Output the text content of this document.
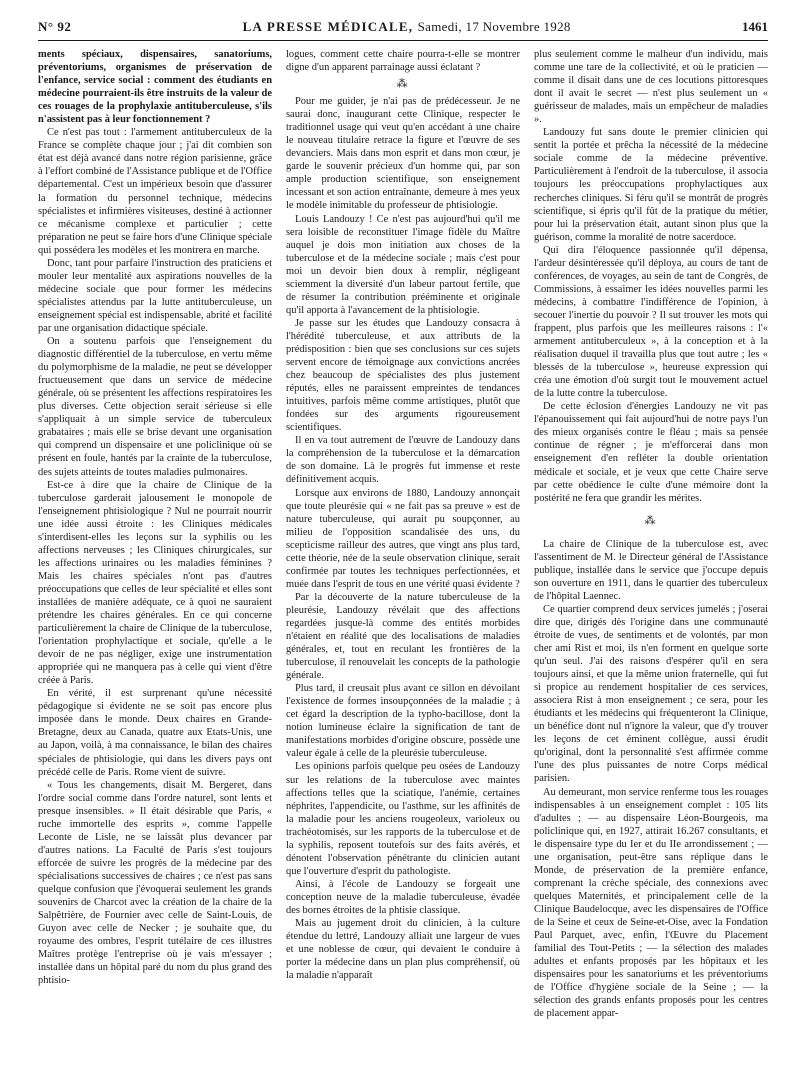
N° 92	LA PRESSE MÉDICALE, Samedi, 17 Novembre 1928	1461

ments spéciaux, dispensaires, sanatoriums, préventoriums, organismes de préservation de l'enfance, service social : comment des étudiants en médecine pourraient-ils être instruits de la valeur de ces rouages de la prophylaxie antituberculeuse, s'ils n'assistent pas à leur fonctionnement ?

Ce n'est pas tout : l'armement antituberculeux de la France se complète chaque jour ; j'ai dit combien son état est déjà avancé dans notre région parisienne, grâce à l'effort combiné de l'Assistance publique et de l'Office départemental. C'est un impérieux besoin que d'assurer la formation du personnel technique, médecins spécialistes et infirmières visiteuses, destiné à actionner ce mécanisme complexe et particulier ; cette préparation ne peut se faire hors d'une Clinique spéciale qui possédera les modèles et les montrera en marche.

Donc, tant pour parfaire l'instruction des praticiens et mouler leur mentalité aux aspirations nouvelles de la médecine sociale que pour former les médecins spécialistes attendus par la lutte antituberculeuse, un enseignement spécial est indispensable, abrité et facilité par une organisation didactique spéciale.

On a soutenu parfois que l'enseignement du diagnostic différentiel de la tuberculose, en vertu même du polymorphisme de la maladie, ne peut se développer fructueusement que dans un service de médecine générale, où se présentent les affections respiratoires les plus diverses. Cette objection serait sérieuse si elle s'appliquait à un simple service de tuberculeux grabataires ; mais elle se brise devant une organisation qui comprend un dispensaire et une policlinique où se présent en foule, hantés par la crainte de la tuberculose, des sujets atteints de toutes maladies pulmonaires.

Est-ce à dire que la chaire de Clinique de la tuberculose garderait jalousement le monopole de l'enseignement phtisiologique ? Nul ne pourrait nourrir une idée aussi étroite : les Cliniques médicales s'interdisent-elles les leçons sur la syphilis ou les affections nerveuses ; les Cliniques chirurgicales, sur les affections urinaires ou les maladies féminines ? Mais les chaires spéciales n'ont pas d'autres préoccupations que celles de leur spécialité et elles sont installées de manière adéquate, ce à quoi ne sauraient prétendre les chaires générales. En ce qui concerne particulièrement la chaire de Clinique de la tuberculose, l'orientation prophylactique et sociale, qu'elle a le devoir de ne pas négliger, exige une instrumentation appropriée qui ne manquera pas à celle qui vient d'être créée à Paris.

En vérité, il est surprenant qu'une nécessité pédagogique si évidente ne se soit pas encore plus imposée dans le monde. Deux chaires en Grande-Bretagne, deux au Canada, quatre aux Etats-Unis, une au Japon, voilà, à ma connaissance, le bilan des chaires spéciales de phtisiologie, qui dans les divers pays ont précédé celle de Paris. Rome vient de suivre.

« Tous les changements, disait M. Bergeret, dans l'ordre social comme dans l'ordre naturel, sont lents et presque insensibles. » Il était désirable que Paris, « ruche immortelle des esprits », comme l'appelle Leconte de Lisle, ne se laissât plus devancer par d'autres nations. La Faculté de Paris s'est toujours efforcée de suivre les progrès de la médecine par des spécialisations successives de chaires ; ce n'est pas sans quelque confusion que j'évoquerai seulement les grands souvenirs de Charcot avec la création de la chaire de la Salpêtrière, de Fournier avec celle de Saint-Louis, de Guyon avec celle de Necker ; je souhaite que, du royaume des ombres, l'esprit tutélaire de ces illustres Maîtres protège l'entreprise où je vais m'essayer ; installée dans un hôpital paré du nom du plus grand des phtisio-

logues, comment cette chaire pourra-t-elle se montrer digne d'un apparent parrainage aussi éclatant ?

⁂

Pour me guider, je n'ai pas de prédécesseur. Je ne saurai donc, inaugurant cette Clinique, respecter le traditionnel usage qui veut qu'en accédant à une chaire le nouveau titulaire retrace la figure et l'œuvre de ses devanciers. Mais dans mon esprit et dans mon cœur, je garde le souvenir précieux d'un homme qui, par son ample production scientifique, son enseignement incessant et son action entraînante, demeure à mes yeux le modèle inimitable du professeur de phtisiologie.

Louis Landouzy ! Ce n'est pas aujourd'hui qu'il me sera loisible de reconstituer l'image fidèle du Maître auquel je dois mon initiation aux choses de la tuberculose et de la médecine sociale ; mais c'est pour moi un devoir bien doux à remplir, négligeant sciemment la diversité d'un labeur partout fertile, que de résumer la contribution prééminente et originale qu'il apporta à l'avancement de la phtisiologie.

Je passe sur les études que Landouzy consacra à l'hérédité tuberculeuse, et aux attributs de la prédisposition : bien que ses conclusions sur ces sujets servent encore de témoignage aux convictions ancrées chez beaucoup de spécialistes des plus justement réputés, elles ne paraissent empreintes de tendances intuitives, parfois même comme artistiques, plutôt que fondées sur des arguments rigoureusement scientifiques.

Il en va tout autrement de l'œuvre de Landouzy dans la compréhension de la tuberculose et la démarcation de son domaine. Là le progrès fut immense et reste définitivement acquis.

Lorsque aux environs de 1880, Landouzy annonçait que toute pleurésie qui « ne fait pas sa preuve » est de nature tuberculeuse, qui aurait pu soupçonner, au milieu de l'opposition scandalisée des uns, du scepticisme railleur des autres, que vingt ans plus tard, cette théorie, née de la seule observation clinique, serait confirmée par toutes les techniques perfectionnées, et muée dans l'esprit de tous en une vérité quasi évidente ?

Par la découverte de la nature tuberculeuse de la pleurésie, Landouzy révélait que des affections regardées jusque-là comme des entités morbides n'étaient en réalité que des localisations de maladies générales, et, tout en reculant les frontières de la tuberculose, il renouvelait les concepts de la pathologie générale.

Plus tard, il creusait plus avant ce sillon en dévoilant l'existence de formes insoupçonnées de la maladie ; à cet égard la description de la typho-bacillose, dont la notion lumineuse éclaire la signification de tant de manifestations morbides d'origine obscure, possède une valeur égale à celle de la pleurésie tuberculeuse.

Les opinions parfois quelque peu osées de Landouzy sur les relations de la tuberculose avec maintes affections telles que la sciatique, l'anémie, certaines néphrites, l'appendicite, ou l'asthme, sur les affinités de la maladie pour les anciens rougeoleux, varioleux ou trachéotomisés, sur les rapports de la tuberculose et de la syphilis, reposent toutefois sur des faits avérés, et dénotent l'observation pénétrante du clinicien autant que l'ouverture d'esprit du pathologiste.

Ainsi, à l'école de Landouzy se forgeait une conception neuve de la maladie tuberculeuse, évadée des bornes étroites de la phtisie classique.

Mais au jugement droit du clinicien, à la culture étendue du lettré, Landouzy alliait une largeur de vues et une noblesse de cœur, qui devaient le conduire à porter la médecine dans un plan plus compréhensif, où la maladie n'apparaît

plus seulement comme le malheur d'un individu, mais comme une tare de la collectivité, et où le praticien — comme il disait dans une de ces locutions pittoresques dont il avait le secret — n'est plus seulement un « guérisseur de malades, mais un empêcheur de maladies ».

Landouzy fut sans doute le premier clinicien qui sentit la portée et prêcha la nécessité de la médecine sociale comme de la médecine préventive. Particulièrement à l'endroit de la tuberculose, il associa toujours les préoccupations prophylactiques aux recherches cliniques. Si féru qu'il se montrât de progrès scientifique, si épris qu'il fût de la pratique du métier, pour lui la préservation était, autant sinon plus que la guérison, comme la moralité de notre sacerdoce.

Qui dira l'éloquence passionnée qu'il dépensa, l'ardeur désintéressée qu'il déploya, au cours de tant de conférences, de voyages, au sein de tant de Congrès, de Commissions, à essaimer les idées nouvelles parmi les médecins, à combattre l'indifférence de l'opinion, à secouer l'inertie du pouvoir ? Il sut trouver les mots qui frappent, plus parfois que les meilleures raisons : l'« armement antituberculeux », à la conception et à la réalisation duquel il travailla plus que tout autre ; les « blessés de la tuberculose », heureuse expression qui créa une émotion d'où surgit tout le mouvement actuel de la lutte contre la tuberculose.

De cette éclosion d'énergies Landouzy ne vit pas l'épanouissement qui fait aujourd'hui de notre pays l'un des mieux organisés contre le fléau ; mais sa pensée continue de régner ; je m'efforcerai dans mon enseignement d'en refléter la double orientation médicale et sociale, et je veux que cette Chaire serve par cette obédience le culte d'une mémoire dont la postérité ne fera que grandir les mérites.

⁂

La chaire de Clinique de la tuberculose est, avec l'assentiment de M. le Directeur général de l'Assistance publique, installée dans le service que j'occupe depuis son ouverture en 1911, dans le quartier des tuberculeux de l'hôpital Laennec.

Ce quartier comprend deux services jumelés ; j'oserai dire que, dirigés dès l'origine dans une communauté étroite de vues, de sentiments et de volontés, par mon cher ami Rist et moi, ils n'en forment en quelque sorte qu'un seul. J'ai des raisons d'espérer qu'il en sera toujours ainsi, et que la même union fraternelle, qui fut si propice au rendement hospitalier de ces services, associera Rist à mon enseignement ; ce sera, pour les étudiants et les médecins qui fréquenteront la Clinique, un bénéfice dont nul n'ignore la valeur, que d'y trouver les leçons de cet éminent collègue, aussi érudit qu'original, dont la personnalité s'est affirmée comme l'une des plus puissantes de notre Corps médical parisien.

Au demeurant, mon service renferme tous les rouages indispensables à un enseignement complet : 105 lits d'adultes ; — au dispensaire Léon-Bourgeois, ma policlinique qui, en 1927, attirait 16.267 consultants, et le dispensaire type du Ier et du IIe arrondissement ; — une organisation, peut-être sans réplique dans le Monde, de préservation de la première enfance, comprenant la crèche spéciale, des connexions avec quelques Maternités, et principalement celle de la Clinique Baudelocque, avec les dispensaires de l'Office de la Seine et ceux de Seine-et-Oise, avec la Fondation Paul Parquet, avec, enfin, l'Œuvre du Placement familial des Tout-Petits ; — la sélection des malades adultes et enfants proposés par les hôpitaux et les dispensaires pour les sanatoriums et les préventoriums de l'Office d'hygiène sociale de la Seine ; — la sélection des grands enfants proposés pour les centres de placement appar-
